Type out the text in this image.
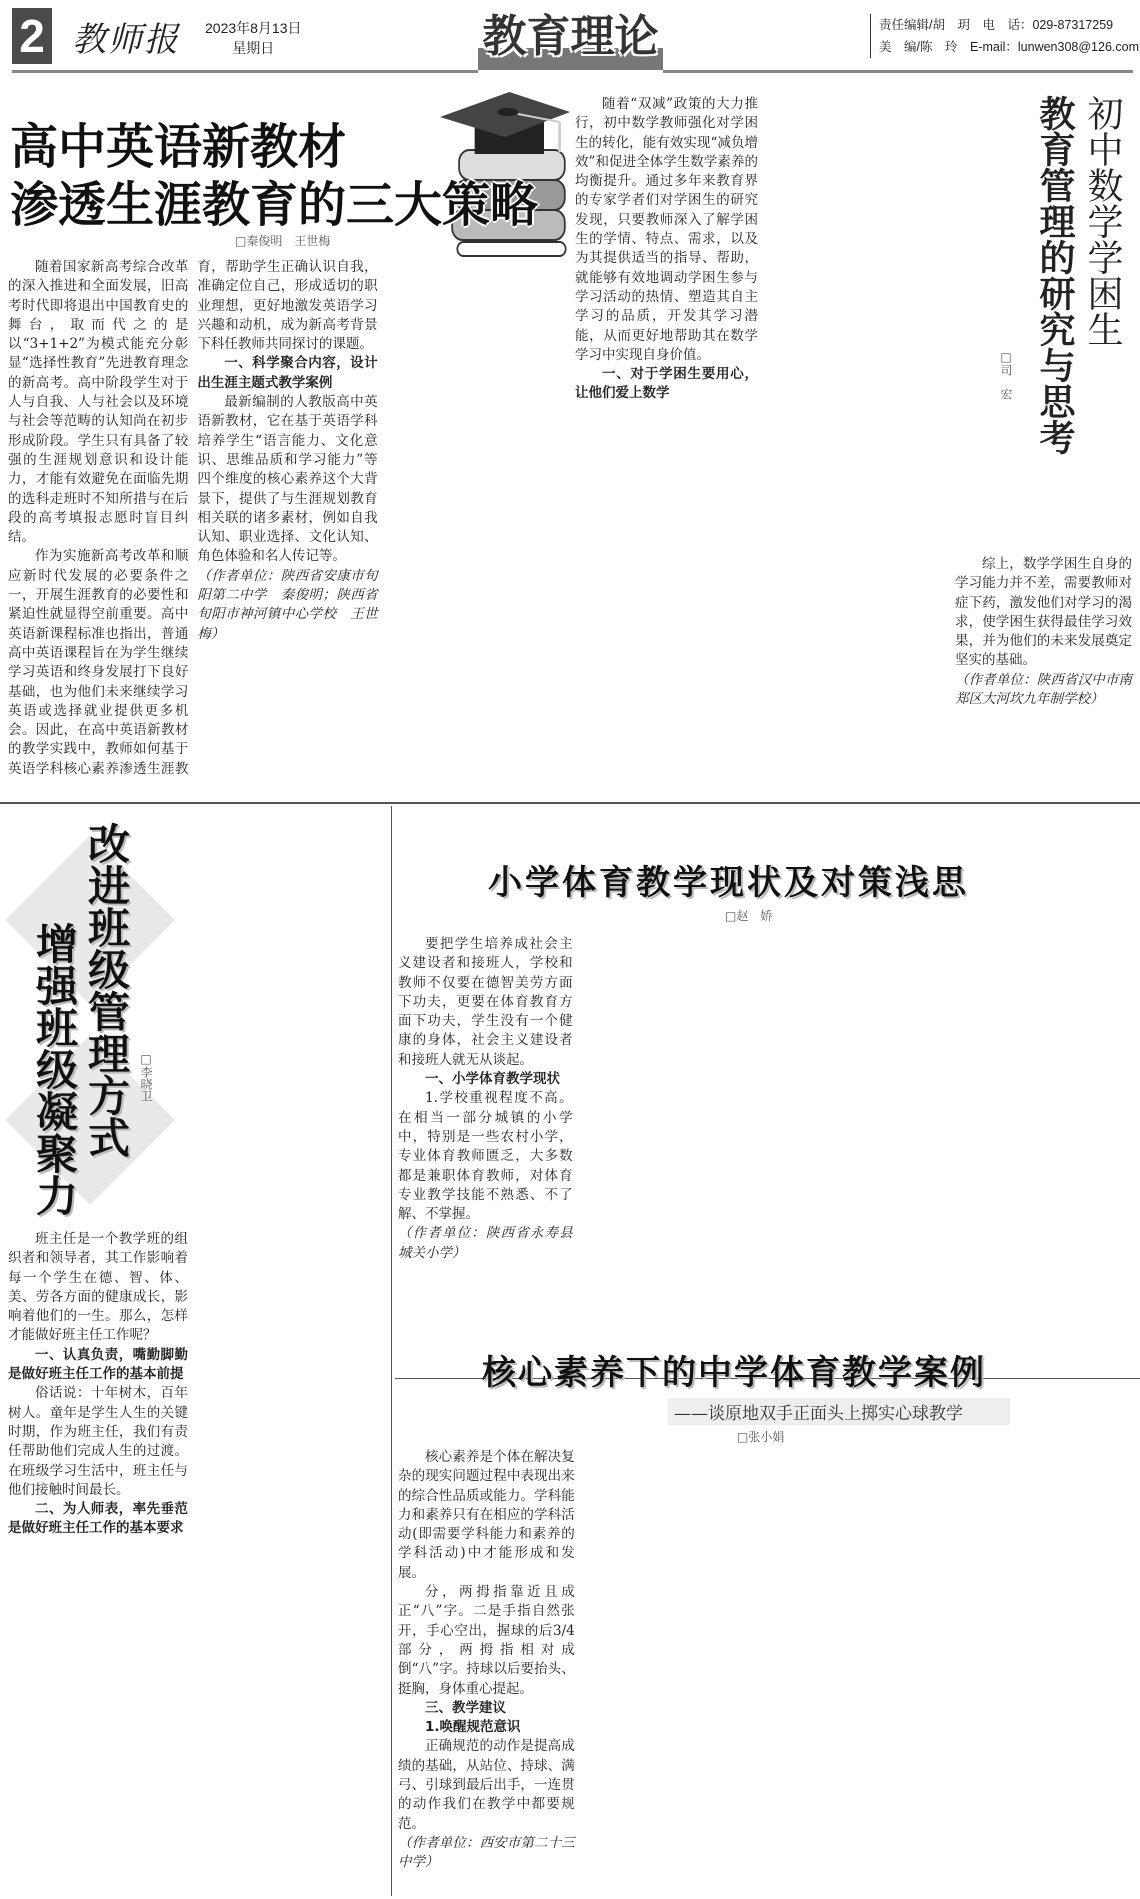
2 教师报 2023年8月13日
星期日	教育理论	责任编辑/胡　玥　电　话：029-87317259
美　编/陈　玲　E-mail：lunwen308@126.com
高中英语新教材
渗透生涯教育的三大策略
□秦俊明　王世梅

随着国家新高考综合改革的深入推进和全面发展，旧高考时代即将退出中国教育史的舞台，取而代之的是以“3+1+2”为模式能充分彰显“选择性教育”先进教育理念的新高考。高中阶段学生对于人与自我、人与社会以及环境与社会等范畴的认知尚在初步形成阶段。学生只有具备了较强的生涯规划意识和设计能力，才能有效避免在面临先期的选科走班时不知所措与在后段的高考填报志愿时盲目纠结。

作为实施新高考改革和顺应新时代发展的必要条件之一，开展生涯教育的必要性和紧迫性就显得空前重要。高中英语新课程标准也指出，普通高中英语课程旨在为学生继续学习英语和终身发展打下良好基础，也为他们未来继续学习英语或选择就业提供更多机会。因此，在高中英语新教材的教学实践中，教师如何基于英语学科核心素养渗透生涯教育，帮助学生正确认识自我，准确定位自己，形成适切的职业理想，更好地激发英语学习兴趣和动机，成为新高考背景下科任教师共同探讨的课题。

一、科学聚合内容，设计出生涯主题式教学案例

最新编制的人教版高中英语新教材，它在基于英语学科培养学生“语言能力、文化意识、思维品质和学习能力”等四个维度的核心素养这个大背景下，提供了与生涯规划教育相关联的诸多素材，例如自我认知、职业选择、文化认知、角色体验和名人传记等。

（作者单位：陕西省安康市旬阳第二中学　秦俊明；陕西省旬阳市神河镇中心学校　王世梅）

随着“双减”政策的大力推行，初中数学教师强化对学困生的转化，能有效实现“减负增效”和促进全体学生数学素养的均衡提升。通过多年来教育界的专家学者们对学困生的研究发现，只要教师深入了解学困生的学情、特点、需求，以及为其提供适当的指导、帮助，就能够有效地调动学困生参与学习活动的热情、塑造其自主学习的品质，开发其学习潜能，从而更好地帮助其在数学学习中实现自身价值。

一、对于学困生要用心，让他们爱上数学

初中数学学困生
教育管理的研究与思考
□司　宏

综上，数学学困生自身的学习能力并不差，需要教师对症下药，激发他们对学习的渴求，使学困生获得最佳学习效果，并为他们的未来发展奠定坚实的基础。

（作者单位：陕西省汉中市南郑区大河坎九年制学校）

改进班级管理方式
增强班级凝聚力	□李晓卫

班主任是一个教学班的组织者和领导者，其工作影响着每一个学生在德、智、体、美、劳各方面的健康成长，影响着他们的一生。那么，怎样才能做好班主任工作呢？

一、认真负责，嘴勤脚勤是做好班主任工作的基本前提

俗话说：十年树木，百年树人。童年是学生人生的关键时期，作为班主任，我们有责任帮助他们完成人生的过渡。在班级学习生活中，班主任与他们接触时间最长。

二、为人师表，率先垂范是做好班主任工作的基本要求

小学体育教学现状及对策浅思
□赵　娇

要把学生培养成社会主义建设者和接班人，学校和教师不仅要在德智美劳方面下功夫，更要在体育教育方面下功夫，学生没有一个健康的身体，社会主义建设者和接班人就无从谈起。

一、小学体育教学现状

1.学校重视程度不高。在相当一部分城镇的小学中，特别是一些农村小学，专业体育教师匮乏，大多数都是兼职体育教师，对体育专业教学技能不熟悉、不了解、不掌握。

（作者单位：陕西省永寿县城关小学）

核心素养下的中学体育教学案例
——谈原地双手正面头上掷实心球教学
□张小娟

核心素养是个体在解决复杂的现实问题过程中表现出来的综合性品质或能力。学科能力和素养只有在相应的学科活动(即需要学科能力和素养的学科活动)中才能形成和发展。

分，两拇指靠近且成正“八”字。二是手指自然张开，手心空出，握球的后3/4部分，两拇指相对成倒“八”字。持球以后要抬头、挺胸，身体重心提起。

三、教学建议

1.唤醒规范意识

正确规范的动作是提高成绩的基础，从站位、持球、满弓、引球到最后出手，一连贯的动作我们在教学中都要规范。

（作者单位：西安市第二十三中学）
